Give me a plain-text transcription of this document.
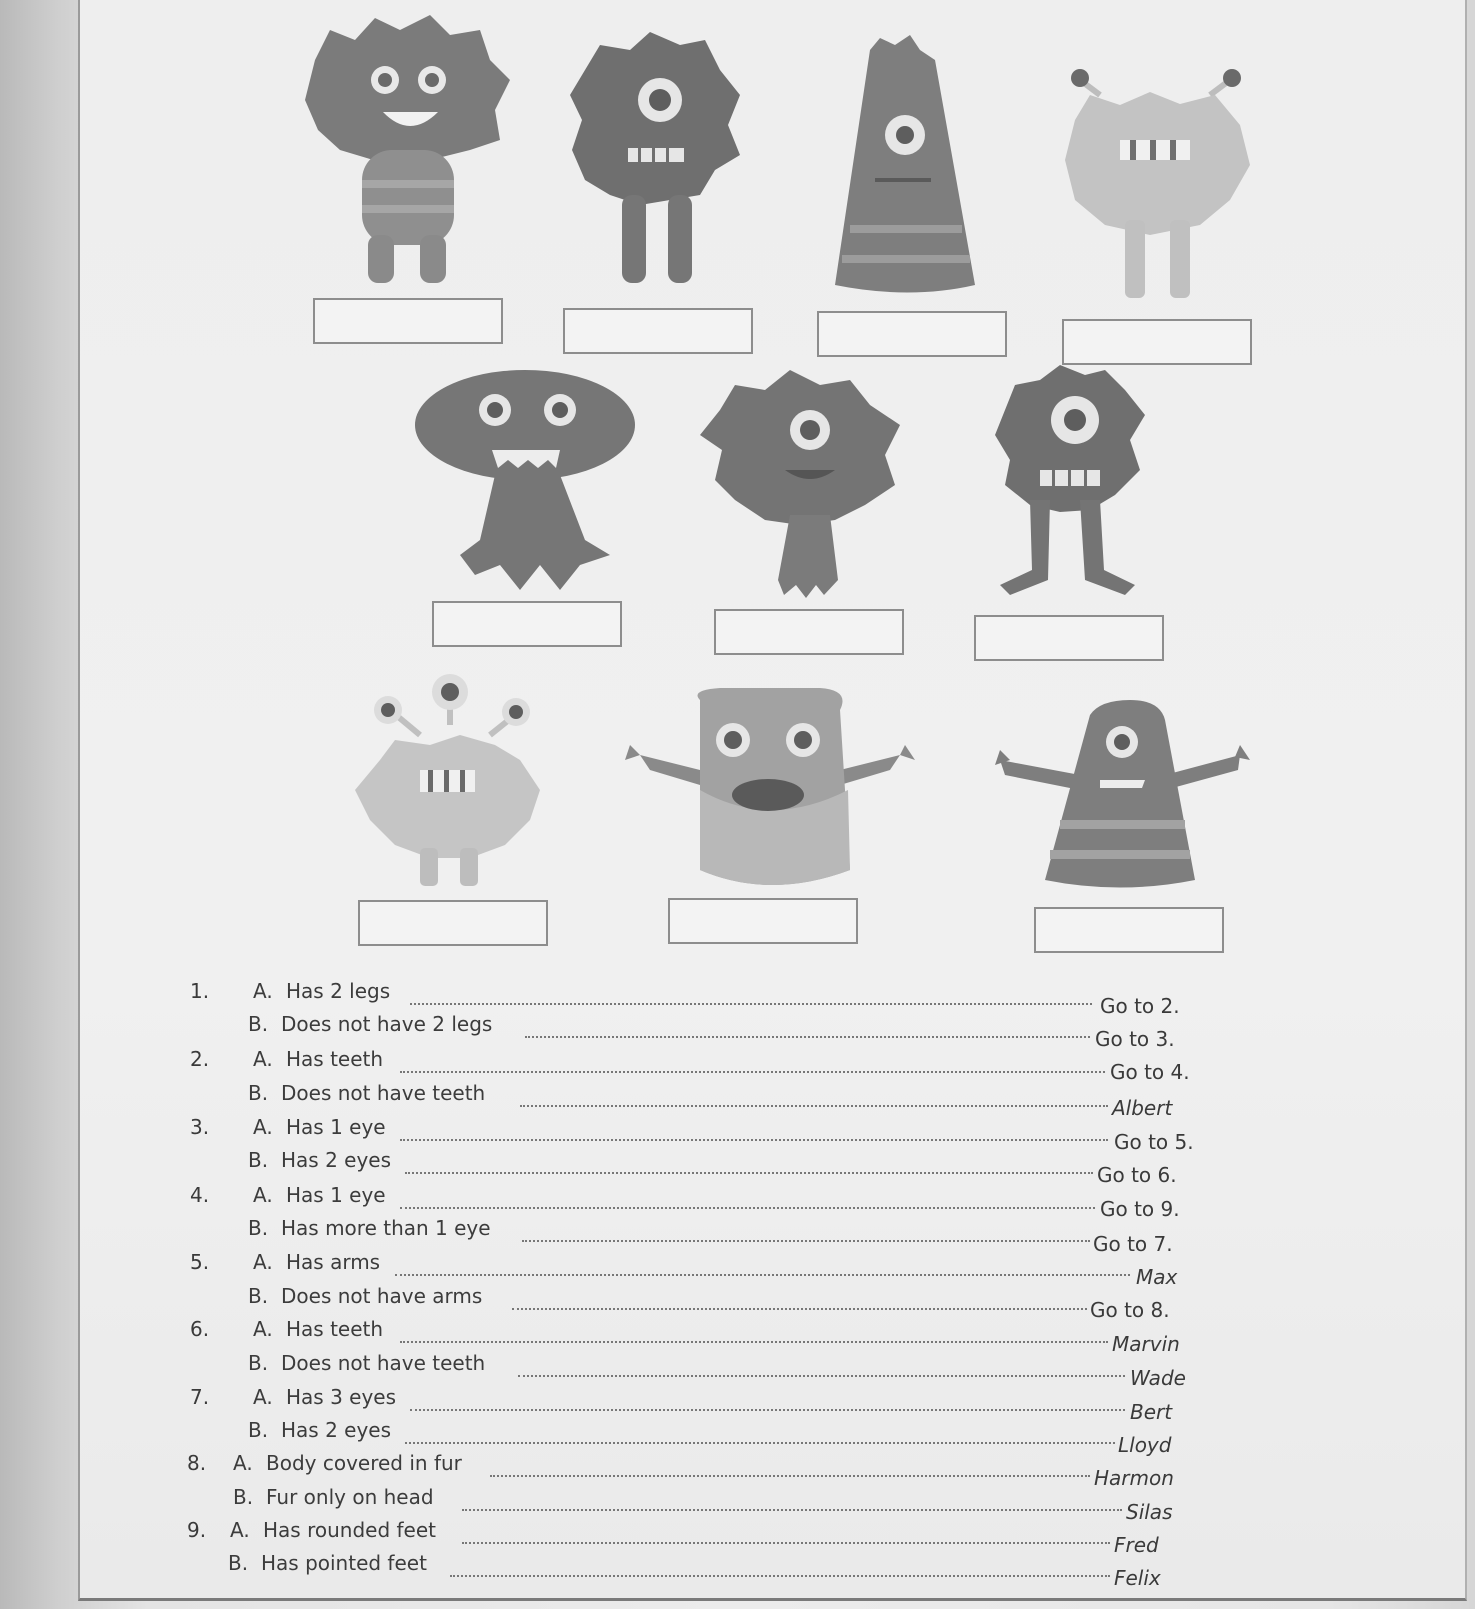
1. A. Has 2 legs
Go to 2.
B. Does not have 2 legs
Go to 3.
2. A. Has teeth
Go to 4.
B. Does not have teeth
Albert
3. A. Has 1 eye
Go to 5.
B. Has 2 eyes
Go to 6.
4. A. Has 1 eye
Go to 9.
B. Has more than 1 eye
Go to 7.
5. A. Has arms
Max
B. Does not have arms
Go to 8.
6. A. Has teeth
Marvin
B. Does not have teeth
Wade
7. A. Has 3 eyes
Bert
B. Has 2 eyes
Lloyd
8. A. Body covered in fur
Harmon
B. Fur only on head
Silas
9. A. Has rounded feet
Fred
B. Has pointed feet
Felix
